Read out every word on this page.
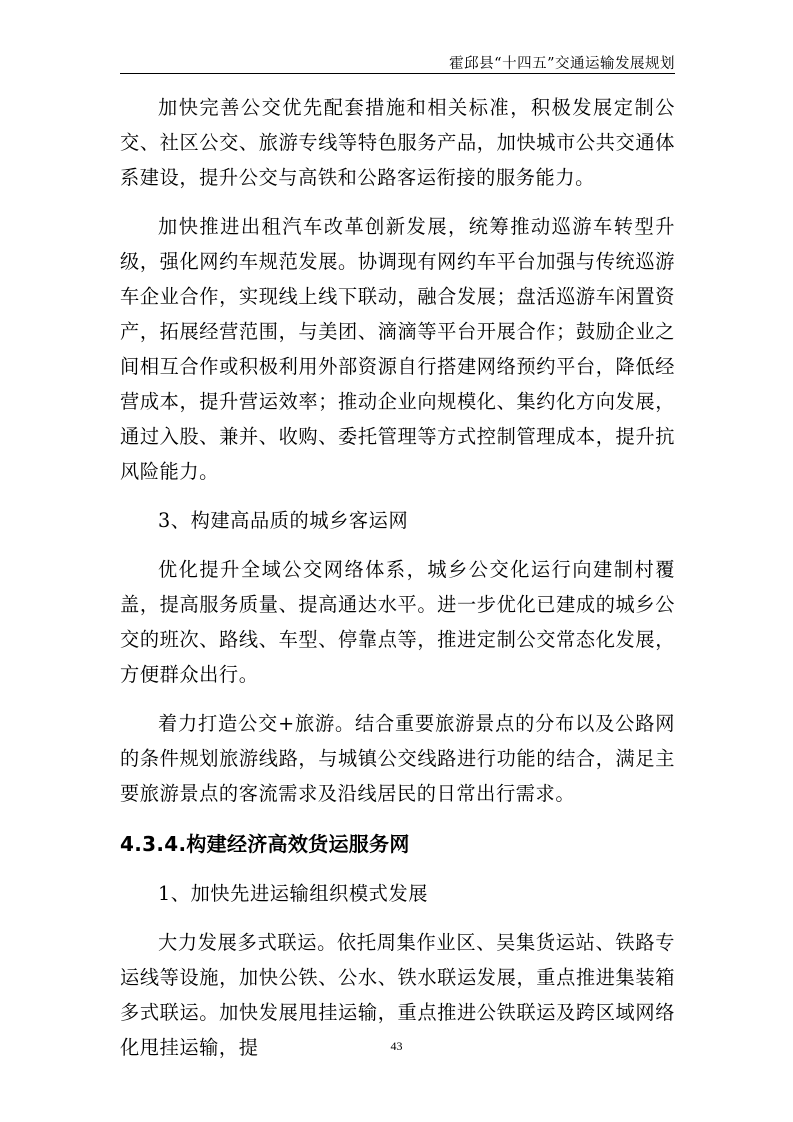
霍邱县“十四五”交通运输发展规划

加快完善公交优先配套措施和相关标准，积极发展定制公交、社区公交、旅游专线等特色服务产品，加快城市公共交通体系建设，提升公交与高铁和公路客运衔接的服务能力。

加快推进出租汽车改革创新发展，统筹推动巡游车转型升级，强化网约车规范发展。协调现有网约车平台加强与传统巡游车企业合作，实现线上线下联动，融合发展；盘活巡游车闲置资产，拓展经营范围，与美团、滴滴等平台开展合作；鼓励企业之间相互合作或积极利用外部资源自行搭建网络预约平台，降低经营成本，提升营运效率；推动企业向规模化、集约化方向发展，通过入股、兼并、收购、委托管理等方式控制管理成本，提升抗风险能力。

3、构建高品质的城乡客运网

优化提升全域公交网络体系，城乡公交化运行向建制村覆盖，提高服务质量、提高通达水平。进一步优化已建成的城乡公交的班次、路线、车型、停靠点等，推进定制公交常态化发展，方便群众出行。

着力打造公交+旅游。结合重要旅游景点的分布以及公路网的条件规划旅游线路，与城镇公交线路进行功能的结合，满足主要旅游景点的客流需求及沿线居民的日常出行需求。

4.3.4.构建经济高效货运服务网

1、加快先进运输组织模式发展

大力发展多式联运。依托周集作业区、吴集货运站、铁路专运线等设施，加快公铁、公水、铁水联运发展，重点推进集装箱多式联运。加快发展甩挂运输，重点推进公铁联运及跨区域网络化甩挂运输，提	43
